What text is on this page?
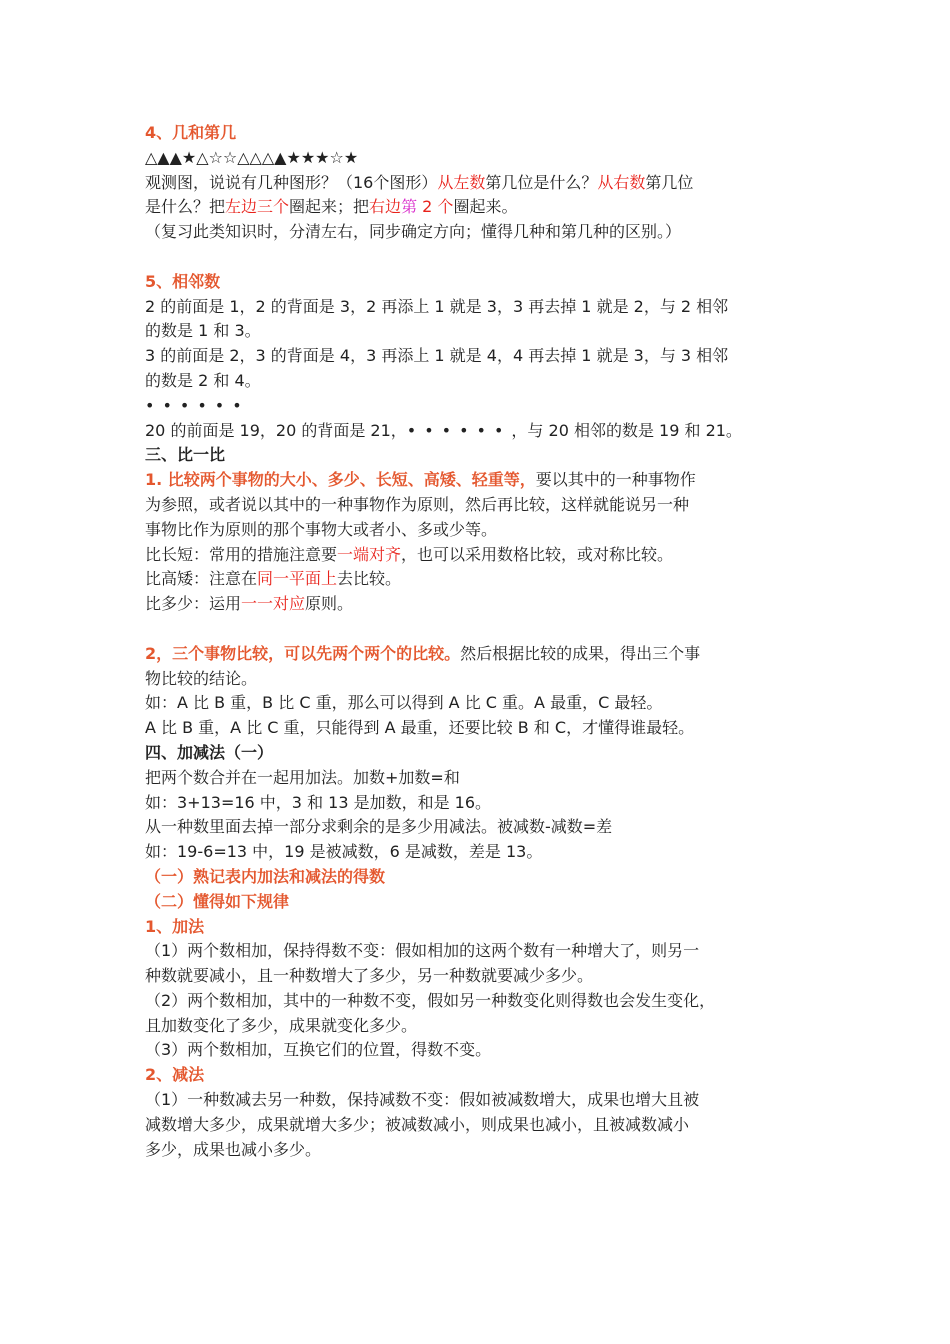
4、几和第几

△▲▲★△☆☆△△△▲★★★☆★

观测图，说说有几种图形？（16个图形）从左数第几位是什么？从右数第几位

是什么？把左边三个圈起来；把右边第 2 个圈起来。

（复习此类知识时，分清左右，同步确定方向；懂得几种和第几种的区别。）

5、相邻数

2 的前面是 1，2 的背面是 3，2 再添上 1 就是 3，3 再去掉 1 就是 2，与 2 相邻

的数是 1 和 3。

3 的前面是 2，3 的背面是 4，3 再添上 1 就是 4，4 再去掉 1 就是 3，与 3 相邻

的数是 2 和 4。

••••••

20 的前面是 19，20 的背面是 21，••••••，与 20 相邻的数是 19 和 21。

三、比一比

1. 比较两个事物的大小、多少、长短、高矮、轻重等，要以其中的一种事物作

为参照，或者说以其中的一种事物作为原则，然后再比较，这样就能说另一种

事物比作为原则的那个事物大或者小、多或少等。

比长短：常用的措施注意要一端对齐，也可以采用数格比较，或对称比较。

比高矮：注意在同一平面上去比较。

比多少：运用一一对应原则。

2，三个事物比较，可以先两个两个的比较。然后根据比较的成果，得出三个事

物比较的结论。

如：A 比 B 重，B 比 C 重，那么可以得到 A 比 C 重。A 最重，C 最轻。

A 比 B 重，A 比 C 重，只能得到 A 最重，还要比较 B 和 C，才懂得谁最轻。

四、加减法（一）

把两个数合并在一起用加法。加数+加数=和

如：3+13=16 中，3 和 13 是加数，和是 16。

从一种数里面去掉一部分求剩余的是多少用减法。被减数-减数=差

如：19-6=13 中，19 是被减数，6 是减数，差是 13。

（一）熟记表内加法和减法的得数

（二）懂得如下规律

1、加法

（1）两个数相加，保持得数不变：假如相加的这两个数有一种增大了，则另一

种数就要减小，且一种数增大了多少，另一种数就要减少多少。

（2）两个数相加，其中的一种数不变，假如另一种数变化则得数也会发生变化，

且加数变化了多少，成果就变化多少。

（3）两个数相加，互换它们的位置，得数不变。

2、减法

（1）一种数减去另一种数，保持减数不变：假如被减数增大，成果也增大且被

减数增大多少，成果就增大多少；被减数减小，则成果也减小，且被减数减小

多少，成果也减小多少。
